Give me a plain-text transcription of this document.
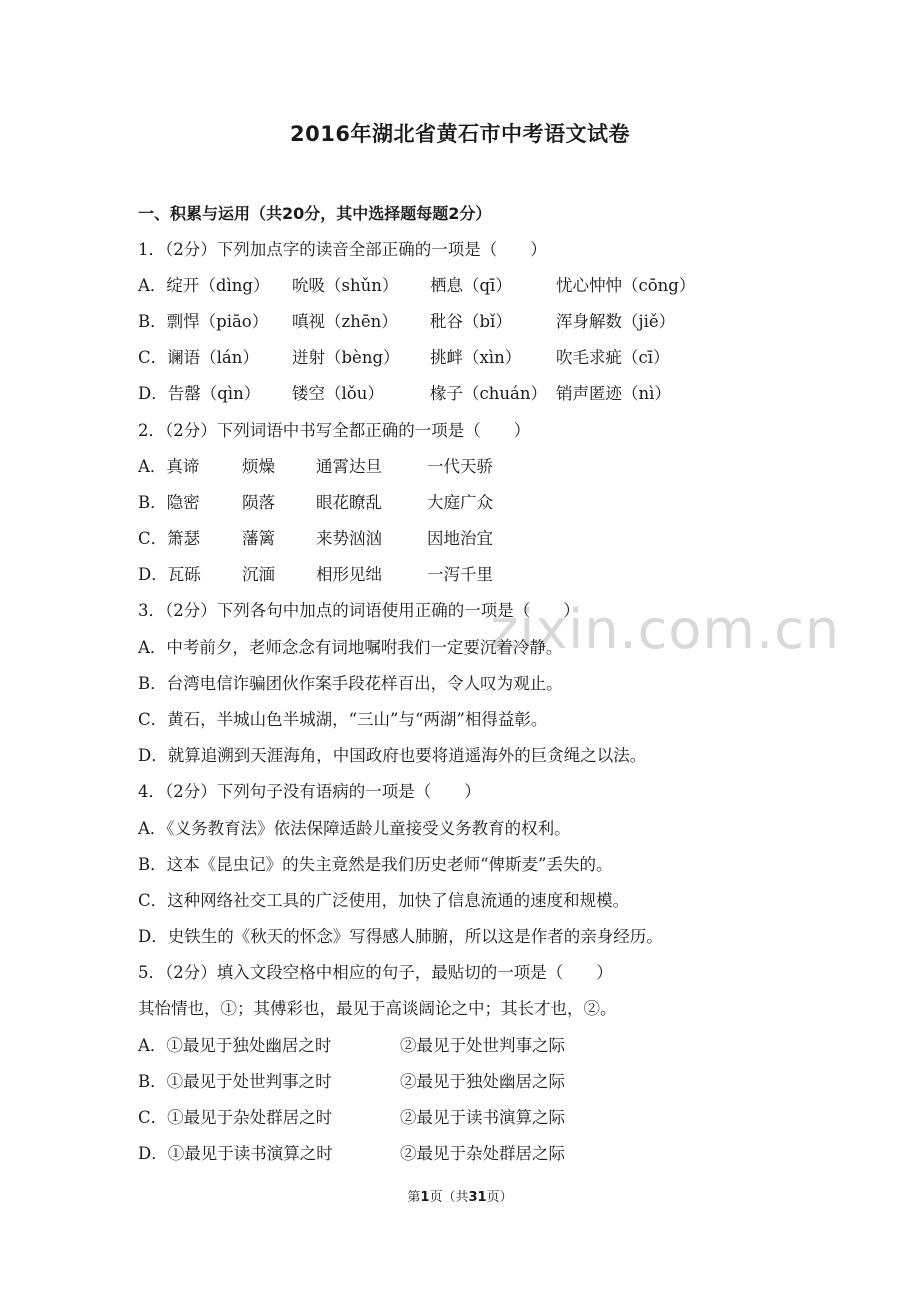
zixin.com.cn
2016年湖北省黄石市中考语文试卷
一、积累与运用（共20分，其中选择题每题2分）
1．（2分）下列加点字的读音全部正确的一项是（　　）
A．绽开（dìng）	吮吸（shǔn）	栖息（qī）	忧心忡忡（cōng）
B．剽悍（piāo）	嗔视（zhēn）	秕谷（bǐ）	浑身解数（jiě）
C．谰语（lán）	迸射（bèng）	挑衅（xìn）	吹毛求疵（cī）
D．告罄（qìn）	镂空（lǒu）	椽子（chuán） 销声匿迹（nì）
2．（2分）下列词语中书写全都正确的一项是（　　）
A．真谛	烦燥	通霄达旦	一代天骄
B．隐密	陨落	眼花瞭乱	大庭广众
C．箫瑟	藩篱	来势汹汹	因地治宜
D．瓦砾	沉湎	相形见绌	一泻千里
3．（2分）下列各句中加点的词语使用正确的一项是（　　）
A．中考前夕，老师念念有词地嘱咐我们一定要沉着冷静。
B．台湾电信诈骗团伙作案手段花样百出，令人叹为观止。
C．黄石，半城山色半城湖，“三山”与“两湖”相得益彰。
D．就算追溯到天涯海角，中国政府也要将逍遥海外的巨贪绳之以法。
4．（2分）下列句子没有语病的一项是（　　）
A．《义务教育法》依法保障适龄儿童接受义务教育的权利。
B．这本《昆虫记》的失主竟然是我们历史老师“俾斯麦”丢失的。
C．这种网络社交工具的广泛使用，加快了信息流通的速度和规模。
D．史铁生的《秋天的怀念》写得感人肺腑，所以这是作者的亲身经历。
5．（2分）填入文段空格中相应的句子，最贴切的一项是（　　）
其怡情也，①；其傅彩也，最见于高谈阔论之中；其长才也，②。
A．①最见于独处幽居之时	②最见于处世判事之际
B．①最见于处世判事之时	②最见于独处幽居之际
C．①最见于杂处群居之时	②最见于读书演算之际
D．①最见于读书演算之时	②最见于杂处群居之际
第1页（共31页）
